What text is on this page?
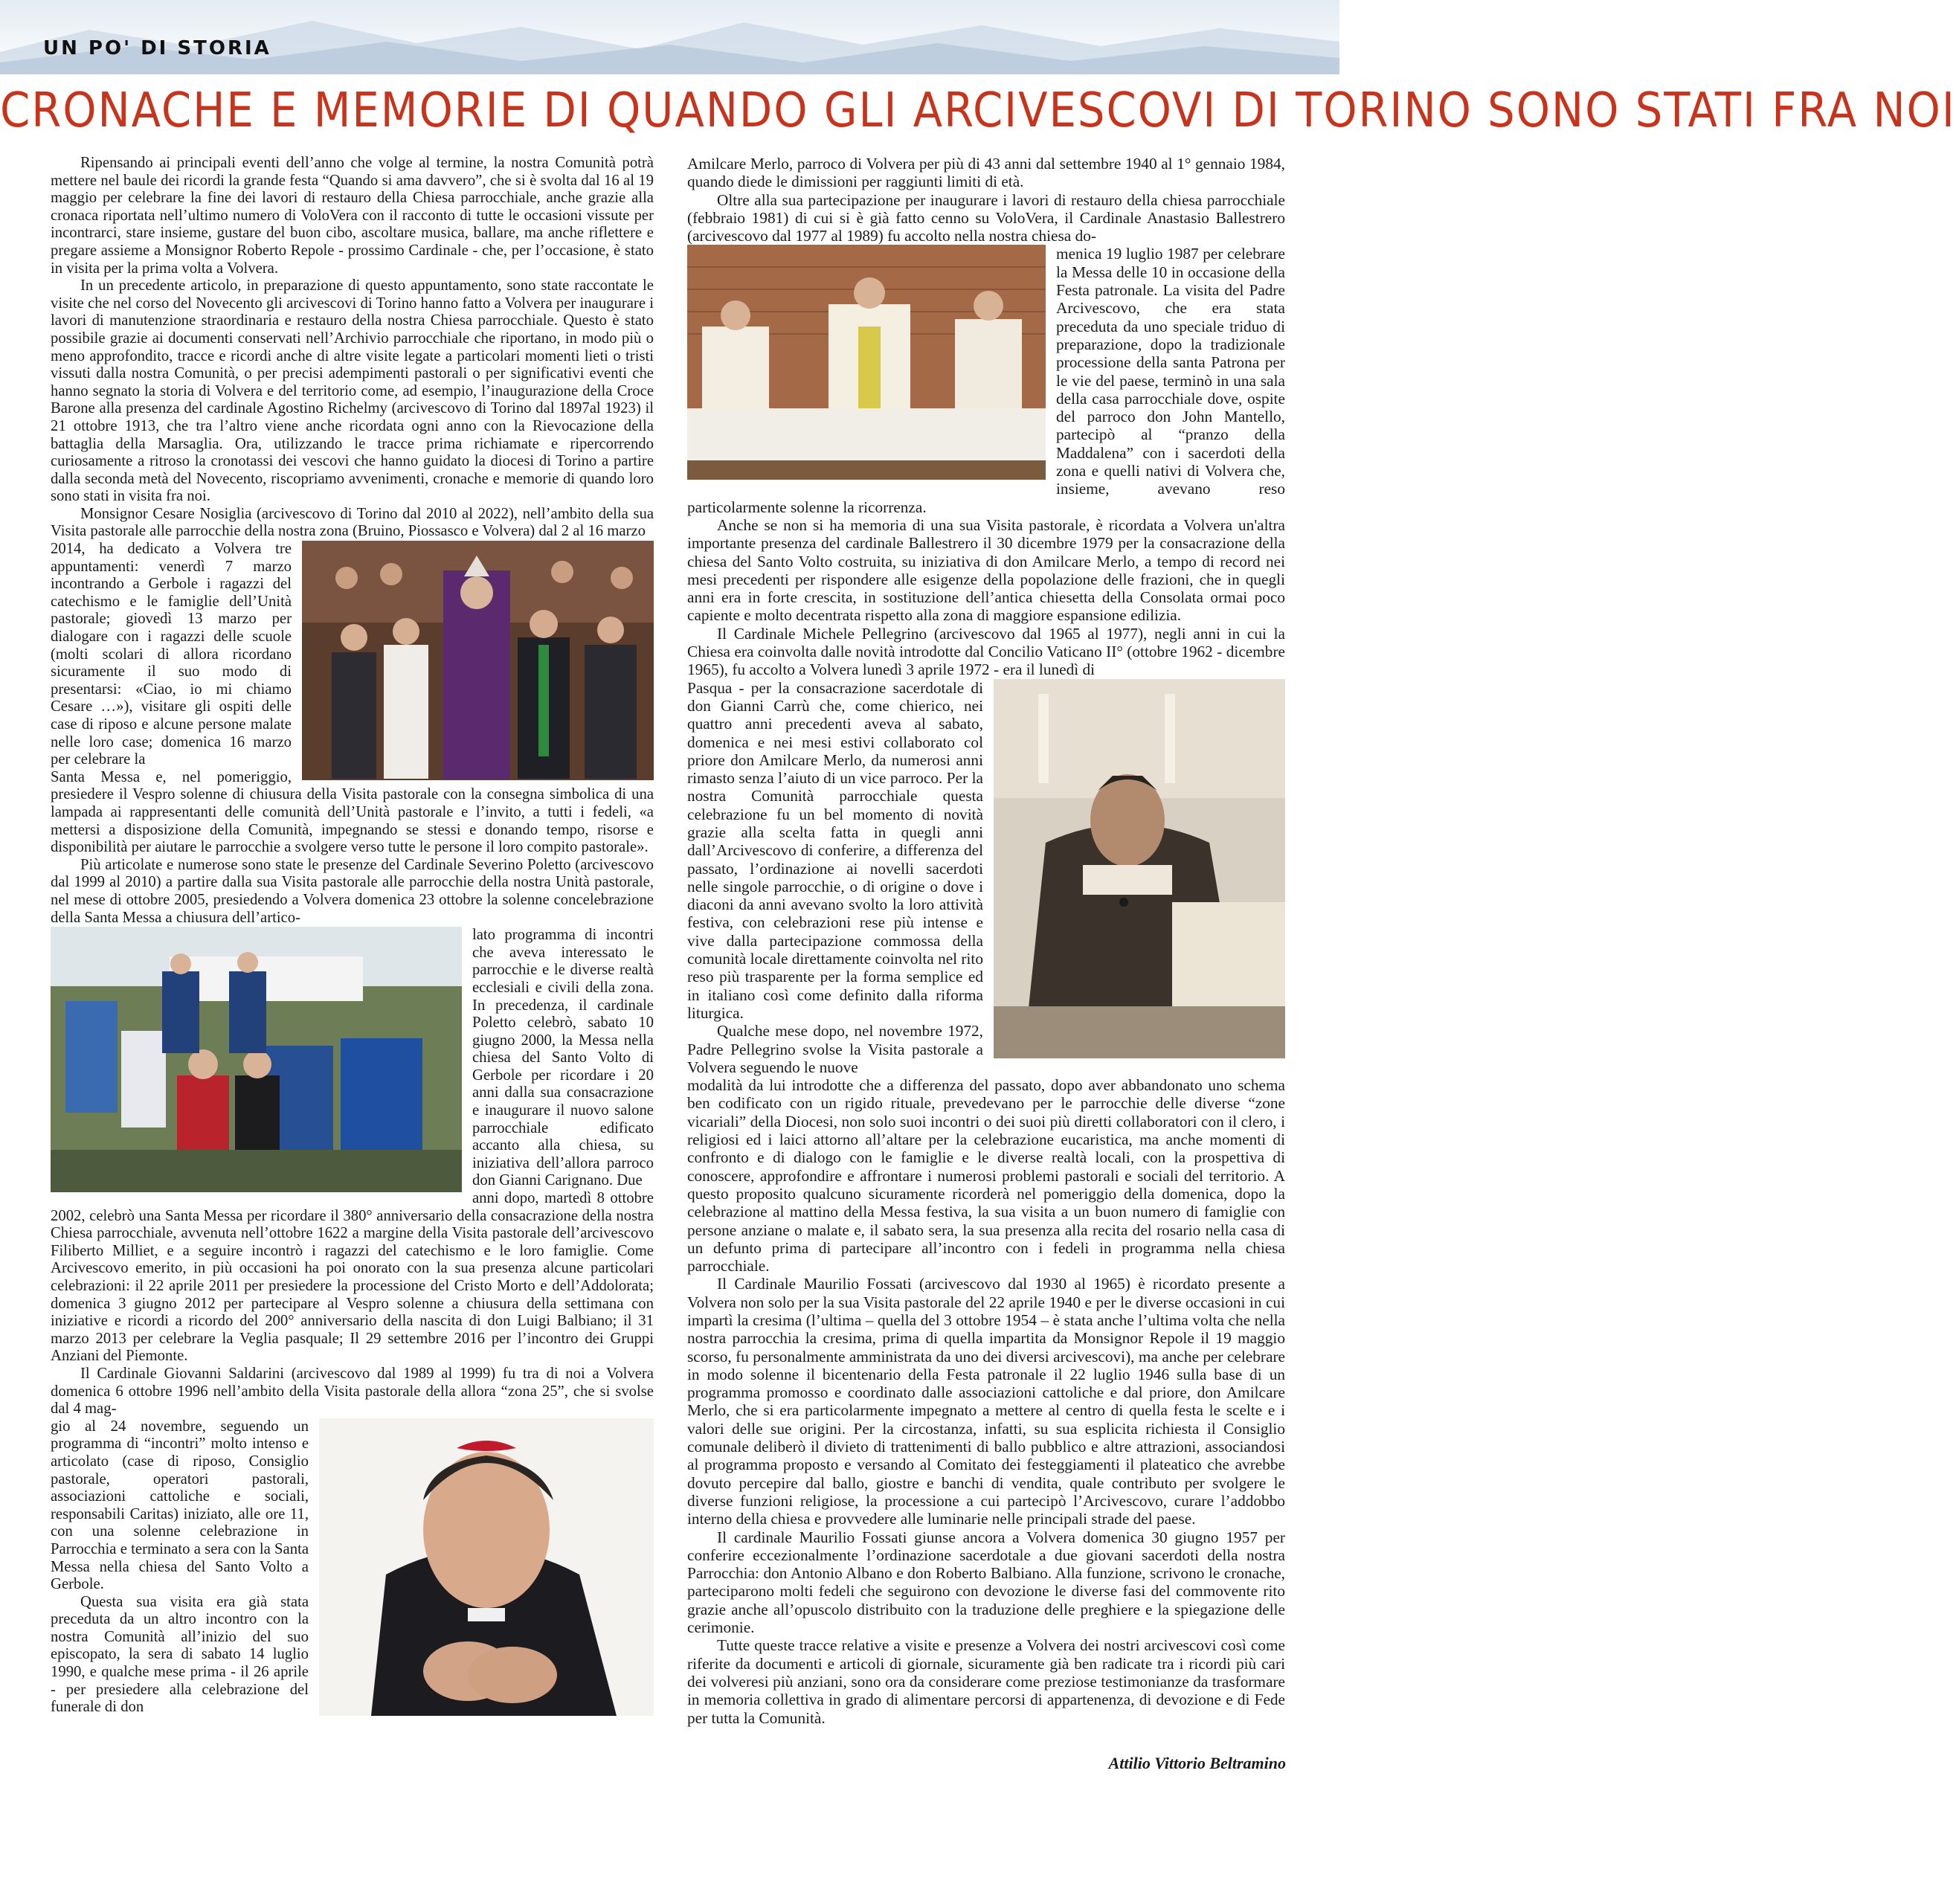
UN PO' DI STORIA
CRONACHE E MEMORIE DI QUANDO GLI ARCIVESCOVI DI TORINO SONO STATI FRA NOI

Ripensando ai principali eventi dell’anno che volge al termine, la nostra Comunità potrà mettere nel baule dei ricordi la grande festa “Quando si ama davvero”, che si è svolta dal 16 al 19 maggio per celebrare la fine dei lavori di restauro della Chiesa parrocchiale, anche grazie alla cronaca riportata nell’ultimo numero di VoloVera con il racconto di tutte le occasioni vissute per incontrarci, stare insieme, gustare del buon cibo, ascoltare musica, ballare, ma anche riflettere e pregare assieme a Monsignor Roberto Repole - prossimo Cardinale - che, per l’occasione, è stato in visita per la prima volta a Volvera.

In un precedente articolo, in preparazione di questo appuntamento, sono state raccontate le visite che nel corso del Novecento gli arcivescovi di Torino hanno fatto a Volvera per inaugurare i lavori di manutenzione straordinaria e restauro della nostra Chiesa parrocchiale. Questo è stato possibile grazie ai documenti conservati nell’Archivio parrocchiale che riportano, in modo più o meno approfondito, tracce e ricordi anche di altre visite legate a particolari momenti lieti o tristi vissuti dalla nostra Comunità, o per precisi adempimenti pastorali o per significativi eventi che hanno segnato la storia di Volvera e del territorio come, ad esempio, l’inaugurazione della Croce Barone alla presenza del cardinale Agostino Richelmy (arcivescovo di Torino dal 1897al 1923) il 21 ottobre 1913, che tra l’altro viene anche ricordata ogni anno con la Rievocazione della battaglia della Marsaglia. Ora, utilizzando le tracce prima richiamate e ripercorrendo curiosamente a ritroso la cronotassi dei vescovi che hanno guidato la diocesi di Torino a partire dalla seconda metà del Novecento, riscopriamo avvenimenti, cronache e memorie di quando loro sono stati in visita fra noi.

Monsignor Cesare Nosiglia (arcivescovo di Torino dal 2010 al 2022), nell’ambito della sua Visita pastorale alle parrocchie della nostra zona (Bruino, Piossasco e Volvera) dal 2 al 16 marzo

2014, ha dedicato a Volvera tre appuntamenti: venerdì 7 marzo incontrando a Gerbole i ragazzi del catechismo e le famiglie dell’Unità pastorale; giovedì 13 marzo per dialogare con i ragazzi delle scuole (molti scolari di allora ricordano sicuramente il suo modo di presentarsi: «Ciao, io mi chiamo Cesare …»), visitare gli ospiti delle case di riposo e alcune persone malate nelle loro case; domenica 16 marzo per celebrare la

Santa Messa e, nel pomeriggio, presiedere il Vespro solenne di chiusura della Visita pastorale con la consegna simbolica di una lampada ai rappresentanti delle comunità dell’Unità pastorale e l’invito, a tutti i fedeli, «a mettersi a disposizione della Comunità, impegnando se stessi e donando tempo, risorse e disponibilità per aiutare le parrocchie a svolgere verso tutte le persone il loro compito pastorale».

Più articolate e numerose sono state le presenze del Cardinale Severino Poletto (arcivescovo dal 1999 al 2010) a partire dalla sua Visita pastorale alle parrocchie della nostra Unità pastorale, nel mese di ottobre 2005, presiedendo a Volvera domenica 23 ottobre la solenne concelebrazione della Santa Messa a chiusura dell’artico-

lato programma di incontri che aveva interessato le parrocchie e le diverse realtà ecclesiali e civili della zona. In precedenza, il cardinale Poletto celebrò, sabato 10 giugno 2000, la Messa nella chiesa del Santo Volto di Gerbole per ricordare i 20 anni dalla sua consacrazione e inaugurare il nuovo salone parrocchiale edificato accanto alla chiesa, su iniziativa dell’allora parroco don Gianni Carignano. Due

anni dopo, martedì 8 ottobre 2002, celebrò una Santa Messa per ricordare il 380° anniversario della consacrazione della nostra Chiesa parrocchiale, avvenuta nell’ottobre 1622 a margine della Visita pastorale dell’arcivescovo Filiberto Milliet, e a seguire incontrò i ragazzi del catechismo e le loro famiglie. Come Arcivescovo emerito, in più occasioni ha poi onorato con la sua presenza alcune particolari celebrazioni: il 22 aprile 2011 per presiedere la processione del Cristo Morto e dell’Addolorata; domenica 3 giugno 2012 per partecipare al Vespro solenne a chiusura della settimana con iniziative e ricordi a ricordo del 200° anniversario della nascita di don Luigi Balbiano; il 31 marzo 2013 per celebrare la Veglia pasquale; Il 29 settembre 2016 per l’incontro dei Gruppi Anziani del Piemonte.

Il Cardinale Giovanni Saldarini (arcivescovo dal 1989 al 1999) fu tra di noi a Volvera domenica 6 ottobre 1996 nell’ambito della Visita pastorale della allora “zona 25”, che si svolse dal 4 mag-

gio al 24 novembre, seguendo un programma di “incontri” molto intenso e articolato (case di riposo, Consiglio pastorale, operatori pastorali, associazioni cattoliche e sociali, responsabili Caritas) iniziato, alle ore 11, con una solenne celebrazione in Parrocchia e terminato a sera con la Santa Messa nella chiesa del Santo Volto a Gerbole.

Questa sua visita era già stata preceduta da un altro incontro con la nostra Comunità all’inizio del suo episcopato, la sera di sabato 14 luglio 1990, e qualche mese prima - il 26 aprile - per presiedere alla celebrazione del funerale di don

Amilcare Merlo, parroco di Volvera per più di 43 anni dal settembre 1940 al 1° gennaio 1984, quando diede le dimissioni per raggiunti limiti di età.

Oltre alla sua partecipazione per inaugurare i lavori di restauro della chiesa parrocchiale (febbraio 1981) di cui si è già fatto cenno su VoloVera, il Cardinale Anastasio Ballestrero (arcivescovo dal 1977 al 1989) fu accolto nella nostra chiesa do-

menica 19 luglio 1987 per celebrare la Messa delle 10 in occasione della Festa patronale. La visita del Padre Arcivescovo, che era stata preceduta da uno speciale triduo di preparazione, dopo la tradizionale processione della santa Patrona per le vie del paese, terminò in una sala della casa parrocchiale dove, ospite del parroco don John Mantello, partecipò al “pranzo della Maddalena” con i sacerdoti della zona e quelli nativi di Volvera che, insieme, avevano reso particolarmente solenne la ricorrenza.

Anche se non si ha memoria di una sua Visita pastorale, è ricordata a Volvera un'altra importante presenza del cardinale Ballestrero il 30 dicembre 1979 per la consacrazione della chiesa del Santo Volto costruita, su iniziativa di don Amilcare Merlo, a tempo di record nei mesi precedenti per rispondere alle esigenze della popolazione delle frazioni, che in quegli anni era in forte crescita, in sostituzione dell’antica chiesetta della Consolata ormai poco capiente e molto decentrata rispetto alla zona di maggiore espansione edilizia.

Il Cardinale Michele Pellegrino (arcivescovo dal 1965 al 1977), negli anni in cui la Chiesa era coinvolta dalle novità introdotte dal Concilio Vaticano II° (ottobre 1962 - dicembre 1965), fu accolto a Volvera lunedì 3 aprile 1972 - era il lunedì di

Pasqua - per la consacrazione sacerdotale di don Gianni Carrù che, come chierico, nei quattro anni precedenti aveva al sabato, domenica e nei mesi estivi collaborato col priore don Amilcare Merlo, da numerosi anni rimasto senza l’aiuto di un vice parroco. Per la nostra Comunità parrocchiale questa celebrazione fu un bel momento di novità grazie alla scelta fatta in quegli anni dall’Arcivescovo di conferire, a differenza del passato, l’ordinazione ai novelli sacerdoti nelle singole parrocchie, o di origine o dove i diaconi da anni avevano svolto la loro attività festiva, con celebrazioni rese più intense e vive dalla partecipazione commossa della comunità locale direttamente coinvolta nel rito reso più trasparente per la forma semplice ed in italiano così come definito dalla riforma liturgica.

Qualche mese dopo, nel novembre 1972, Padre Pellegrino svolse la Visita pastorale a Volvera seguendo le nuove

modalità da lui introdotte che a differenza del passato, dopo aver abbandonato uno schema ben codificato con un rigido rituale, prevedevano per le parrocchie delle diverse “zone vicariali” della Diocesi, non solo suoi incontri o dei suoi più diretti collaboratori con il clero, i religiosi ed i laici attorno all’altare per la celebrazione eucaristica, ma anche momenti di confronto e di dialogo con le famiglie e le diverse realtà locali, con la prospettiva di conoscere, approfondire e affrontare i numerosi problemi pastorali e sociali del territorio. A questo proposito qualcuno sicuramente ricorderà nel pomeriggio della domenica, dopo la celebrazione al mattino della Messa festiva, la sua visita a un buon numero di famiglie con persone anziane o malate e, il sabato sera, la sua presenza alla recita del rosario nella casa di un defunto prima di partecipare all’incontro con i fedeli in programma nella chiesa parrocchiale.

Il Cardinale Maurilio Fossati (arcivescovo dal 1930 al 1965) è ricordato presente a Volvera non solo per la sua Visita pastorale del 22 aprile 1940 e per le diverse occasioni in cui impartì la cresima (l’ultima – quella del 3 ottobre 1954 – è stata anche l’ultima volta che nella nostra parrocchia la cresima, prima di quella impartita da Monsignor Repole il 19 maggio scorso, fu personalmente amministrata da uno dei diversi arcivescovi), ma anche per celebrare in modo solenne il bicentenario della Festa patronale il 22 luglio 1946 sulla base di un programma promosso e coordinato dalle associazioni cattoliche e dal priore, don Amilcare Merlo, che si era particolarmente impegnato a mettere al centro di quella festa le scelte e i valori delle sue origini. Per la circostanza, infatti, su sua esplicita richiesta il Consiglio comunale deliberò il divieto di trattenimenti di ballo pubblico e altre attrazioni, associandosi al programma proposto e versando al Comitato dei festeggiamenti il plateatico che avrebbe dovuto percepire dal ballo, giostre e banchi di vendita, quale contributo per svolgere le diverse funzioni religiose, la processione a cui partecipò l’Arcivescovo, curare l’addobbo interno della chiesa e provvedere alle luminarie nelle principali strade del paese.

Il cardinale Maurilio Fossati giunse ancora a Volvera domenica 30 giugno 1957 per conferire eccezionalmente l’ordinazione sacerdotale a due giovani sacerdoti della nostra Parrocchia: don Antonio Albano e don Roberto Balbiano. Alla funzione, scrivono le cronache, parteciparono molti fedeli che seguirono con devozione le diverse fasi del commovente rito grazie anche all’opuscolo distribuito con la traduzione delle preghiere e la spiegazione delle cerimonie.

Tutte queste tracce relative a visite e presenze a Volvera dei nostri arcivescovi così come riferite da documenti e articoli di giornale, sicuramente già ben radicate tra i ricordi più cari dei volveresi più anziani, sono ora da considerare come preziose testimonianze da trasformare in memoria collettiva in grado di alimentare percorsi di appartenenza, di devozione e di Fede per tutta la Comunità.

Attilio Vittorio Beltramino
